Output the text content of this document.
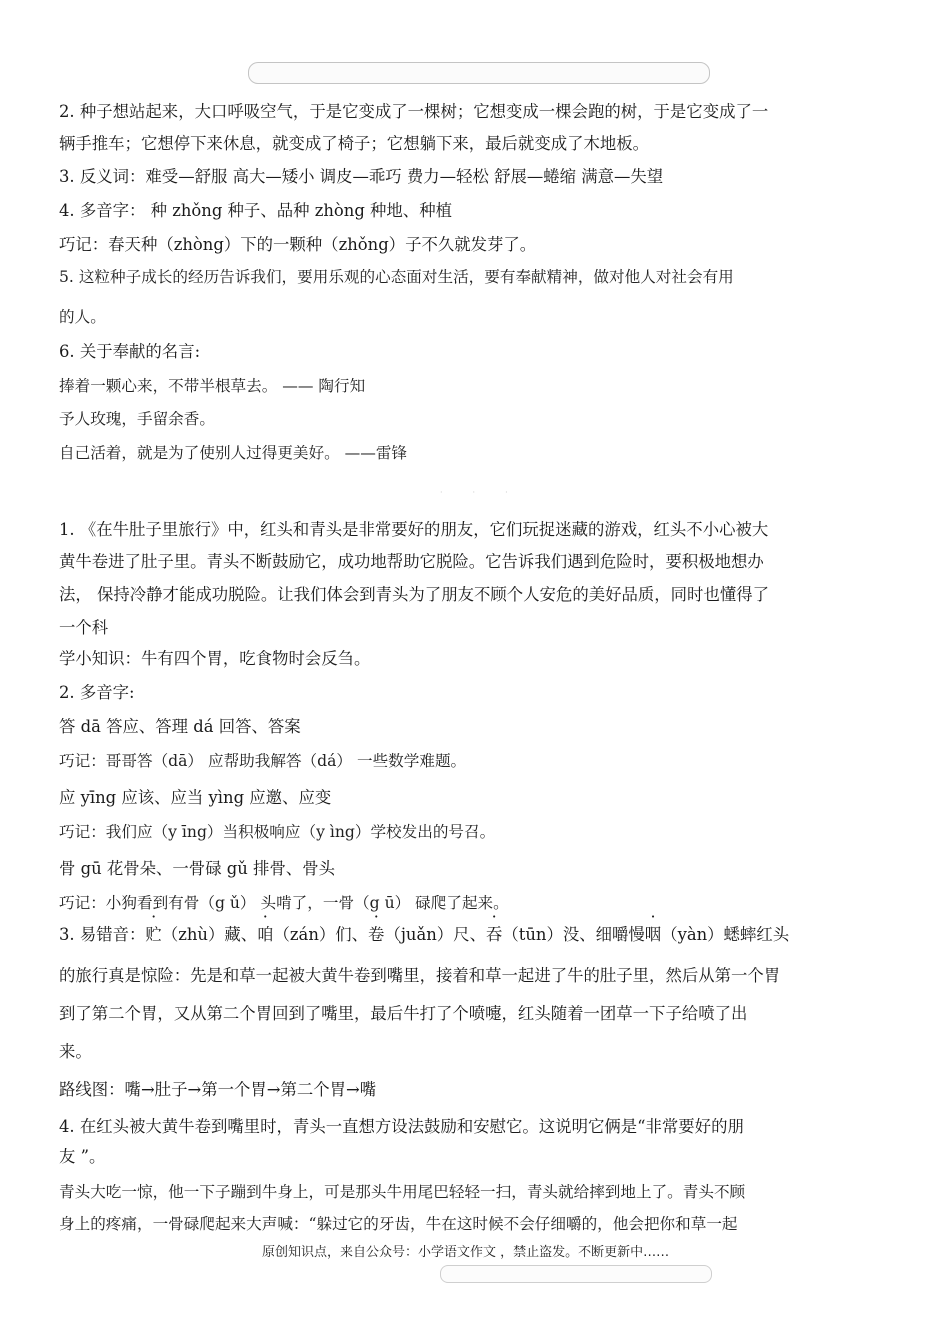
2. 种子想站起来，大口呼吸空气，于是它变成了一棵树；它想变成一棵会跑的树，于是它变成了一

辆手推车；它想停下来休息，就变成了椅子；它想躺下来，最后就变成了木地板。

3. 反义词：难受—舒服 高大—矮小 调皮—乖巧 费力—轻松 舒展—蜷缩 满意—失望

4. 多音字： 种 zhǒng 种子、品种 zhòng 种地、种植

巧记：春天种（zhòng）下的一颗种（zhǒng）子不久就发芽了。

5. 这粒种子成长的经历告诉我们，要用乐观的心态面对生活，要有奉献精神，做对他人对社会有用

的人。

6. 关于奉献的名言:

捧着一颗心来，不带半根草去。 —— 陶行知

予人玫瑰，手留余香。

自己活着，就是为了使别人过得更美好。 ——雷锋

···

1. 《在牛肚子里旅行》中，红头和青头是非常要好的朋友，它们玩捉迷藏的游戏，红头不小心被大

黄牛卷进了肚子里。青头不断鼓励它，成功地帮助它脱险。它告诉我们遇到危险时，要积极地想办

法， 保持冷静才能成功脱险。让我们体会到青头为了朋友不顾个人安危的美好品质，同时也懂得了

一个科

学小知识：牛有四个胃，吃食物时会反刍。

2. 多音字:

答 dā 答应、答理 dá 回答、答案

巧记：哥哥答（dā） 应帮助我解答（dá） 一些数学难题。

应 yīng 应该、应当 yìng 应邀、应变

巧记：我们应（y īng）当积极响应（y ìng）学校发出的号召。

骨 gū 花骨朵、一骨碌 gǔ 排骨、骨头

巧记：小狗看到有骨（g ǔ） 头啃了，一骨（g ū） 碌爬了起来。

3. 易错音：贮（zhù）藏、咱（zán）们、卷（juǎn）尺、吞（tūn）没、细嚼慢咽（yàn）蟋蟀红头

的旅行真是惊险：先是和草一起被大黄牛卷到嘴里，接着和草一起进了牛的肚子里，然后从第一个胃

到了第二个胃，又从第二个胃回到了嘴里，最后牛打了个喷嚏，红头随着一团草一下子给喷了出

来。

路线图：嘴→肚子→第一个胃→第二个胃→嘴

4. 在红头被大黄牛卷到嘴里时，青头一直想方设法鼓励和安慰它。这说明它俩是“非常要好的朋

友 ”。

青头大吃一惊，他一下子蹦到牛身上，可是那头牛用尾巴轻轻一扫，青头就给摔到地上了。青头不顾

身上的疼痛，一骨碌爬起来大声喊：“躲过它的牙齿，牛在这时候不会仔细嚼的，他会把你和草一起

原创知识点，来自公众号：小学语文作文 ，禁止盗发。不断更新中……
